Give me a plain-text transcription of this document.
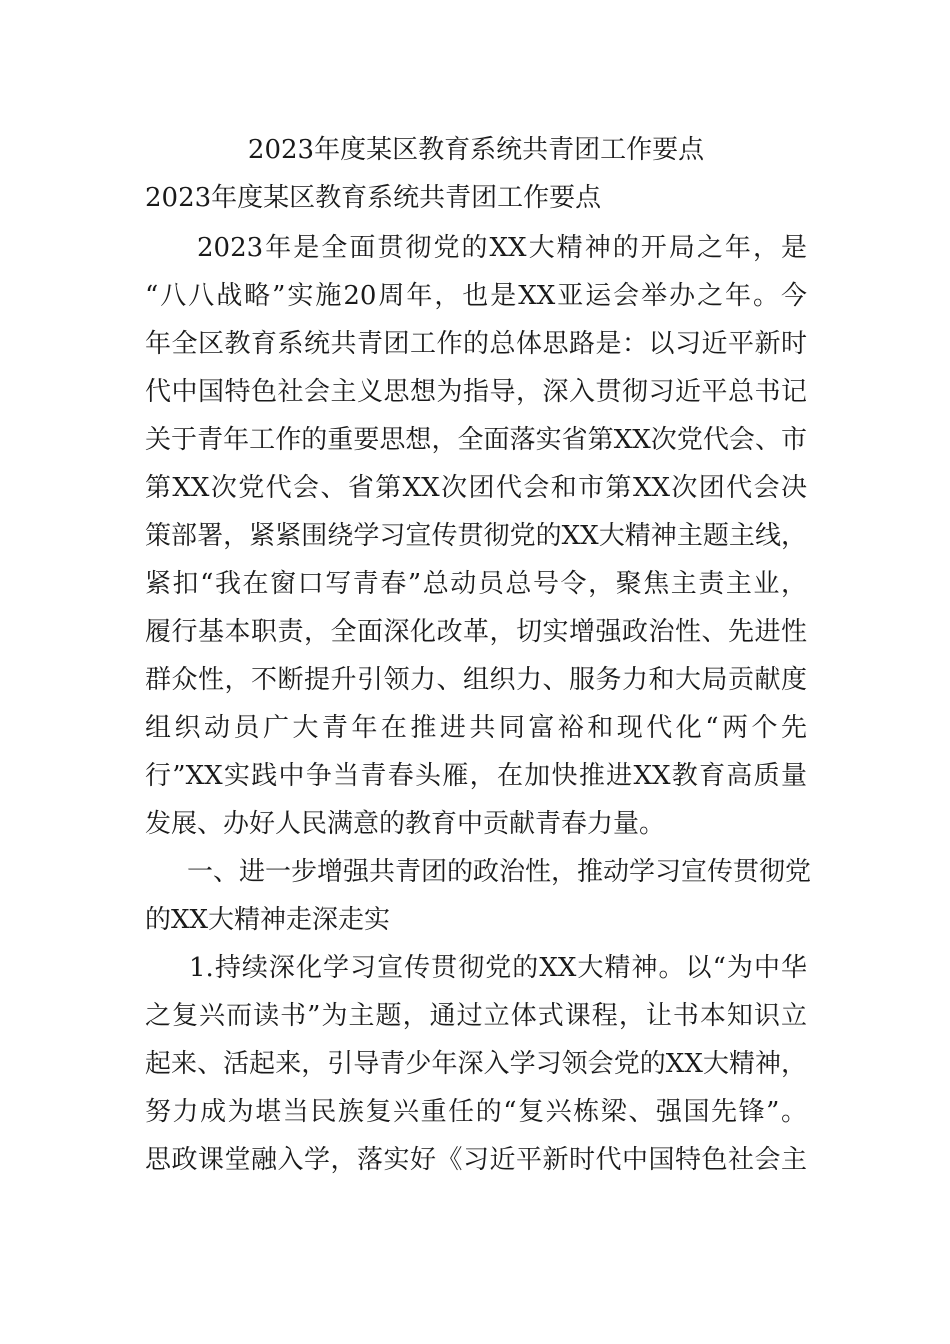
2023年度某区教育系统共青团工作要点
2023年度某区教育系统共青团工作要点
2023年是全面贯彻党的XX大精神的开局之年，是
“八八战略”实施20周年，也是XX亚运会举办之年。今
年全区教育系统共青团工作的总体思路是：以习近平新时
代中国特色社会主义思想为指导，深入贯彻习近平总书记
关于青年工作的重要思想，全面落实省第XX次党代会、市
第XX次党代会、省第XX次团代会和市第XX次团代会决
策部署，紧紧围绕学习宣传贯彻党的XX大精神主题主线，
紧扣“我在窗口写青春”总动员总号令，聚焦主责主业，
履行基本职责，全面深化改革，切实增强政治性、先进性
群众性，不断提升引领力、组织力、服务力和大局贡献度
组织动员广大青年在推进共同富裕和现代化“两个先
行”XX实践中争当青春头雁，在加快推进XX教育高质量
发展、办好人民满意的教育中贡献青春力量。
一、进一步增强共青团的政治性，推动学习宣传贯彻党
的XX大精神走深走实
1.持续深化学习宣传贯彻党的XX大精神。以“为中华
之复兴而读书”为主题，通过立体式课程，让书本知识立
起来、活起来，引导青少年深入学习领会党的XX大精神，
努力成为堪当民族复兴重任的“复兴栋梁、强国先锋”。
思政课堂融入学，落实好《习近平新时代中国特色社会主
